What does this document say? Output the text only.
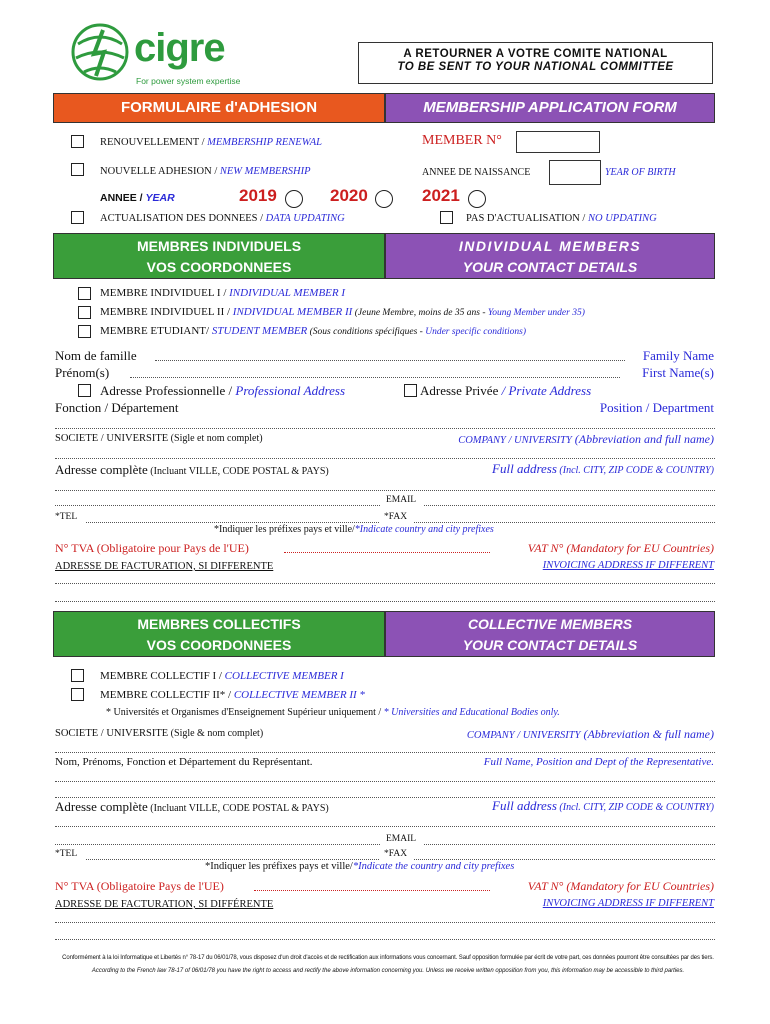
cigre
For power system expertise
A RETOURNER A VOTRE COMITE NATIONAL
TO BE SENT TO YOUR NATIONAL COMMITTEE
FORMULAIRE d'ADHESION	MEMBERSHIP APPLICATION FORM
RENOUVELLEMENT / MEMBERSHIP RENEWAL	MEMBER N°
NOUVELLE ADHESION / NEW MEMBERSHIP	ANNEE DE NAISSANCE	YEAR OF BIRTH
ANNEE / YEAR	2019	2020	2021
ACTUALISATION DES DONNEES / DATA UPDATING	PAS D'ACTUALISATION / NO UPDATING
MEMBRES INDIVIDUELS
VOS COORDONNEES
INDIVIDUAL MEMBERS
YOUR CONTACT DETAILS
MEMBRE INDIVIDUEL I / INDIVIDUAL MEMBER I
MEMBRE INDIVIDUEL II / INDIVIDUAL MEMBER II (Jeune Membre, moins de 35 ans - Young Member under 35)
MEMBRE ETUDIANT/ STUDENT MEMBER (Sous conditions spécifiques - Under specific conditions)
Nom de famille	Family Name
Prénom(s)	First Name(s)
Adresse Professionnelle / Professional Address	Adresse Privée / Private Address
Fonction / Département	Position / Department
SOCIETE / UNIVERSITE (Sigle et nom complet)	COMPANY / UNIVERSITY (Abbreviation and full name)
Adresse complète (Incluant VILLE, CODE POSTAL & PAYS)	Full address (Incl. CITY, ZIP CODE & COUNTRY)
EMAIL
*TEL	*FAX
*Indiquer les préfixes pays et ville/*Indicate country and city prefixes
N° TVA (Obligatoire pour Pays de l'UE)	VAT N° (Mandatory for EU Countries)
ADRESSE DE FACTURATION, SI DIFFERENTE	INVOICING ADDRESS IF DIFFERENT
MEMBRES COLLECTIFS
VOS COORDONNEES
COLLECTIVE MEMBERS
YOUR CONTACT DETAILS
MEMBRE COLLECTIF I / COLLECTIVE MEMBER I
MEMBRE COLLECTIF II* / COLLECTIVE MEMBER II *
* Universités et Organismes d'Enseignement Supérieur uniquement / * Universities and Educational Bodies only.
SOCIETE / UNIVERSITE (Sigle & nom complet)	COMPANY / UNIVERSITY (Abbreviation & full name)
Nom, Prénoms, Fonction et Département du Représentant.	Full Name, Position and Dept of the Representative.
Adresse complète (Incluant VILLE, CODE POSTAL & PAYS)	Full address (Incl. CITY, ZIP CODE & COUNTRY)
EMAIL
*TEL	*FAX
*Indiquer les préfixes pays et ville/*Indicate the country and city prefixes
N° TVA (Obligatoire Pays de l'UE)	VAT N° (Mandatory for EU Countries)
ADRESSE DE FACTURATION, SI DIFFÉRENTE	INVOICING ADDRESS IF DIFFERENT
Conformément à la loi Informatique et Libertés n° 78-17 du 06/01/78, vous disposez d'un droit d'accès et de rectification aux informations vous concernant. Sauf opposition formulée par écrit de votre part, ces données pourront être consultées par des tiers.
According to the French law 78-17 of 06/01/78 you have the right to access and rectify the above information concerning you. Unless we receive written opposition from you, this information may be accessible to third parties.
